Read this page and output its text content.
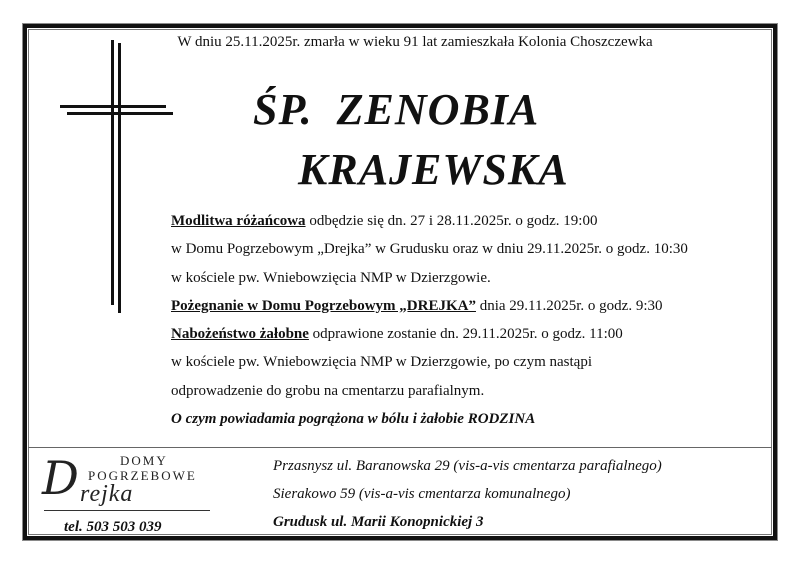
W dniu 25.11.2025r. zmarła w wieku 91 lat zamieszkała Kolonia Choszczewka
ŚP.  ZENOBIA
KRAJEWSKA
Modlitwa różańcowa odbędzie się dn. 27 i 28.11.2025r. o godz. 19:00
w Domu Pogrzebowym „Drejka” w Grudusku oraz w dniu 29.11.2025r. o godz. 10:30
w kościele pw. Wniebowzięcia NMP w Dzierzgowie.
Pożegnanie w Domu Pogrzebowym „DREJKA” dnia 29.11.2025r. o godz. 9:30
Nabożeństwo żałobne odprawione zostanie dn. 29.11.2025r. o godz. 11:00
w kościele pw. Wniebowzięcia NMP w Dzierzgowie, po czym nastąpi
odprowadzenie do grobu na cmentarzu parafialnym.
O czym powiadamia pogrążona w bólu i żałobie RODZINA
DOMY
POGRZEBOWE
D rejka
tel. 503 503 039
Przasnysz ul. Baranowska 29 (vis-a-vis cmentarza parafialnego)
Sierakowo 59 (vis-a-vis cmentarza komunalnego)
Grudusk ul. Marii Konopnickiej 3
